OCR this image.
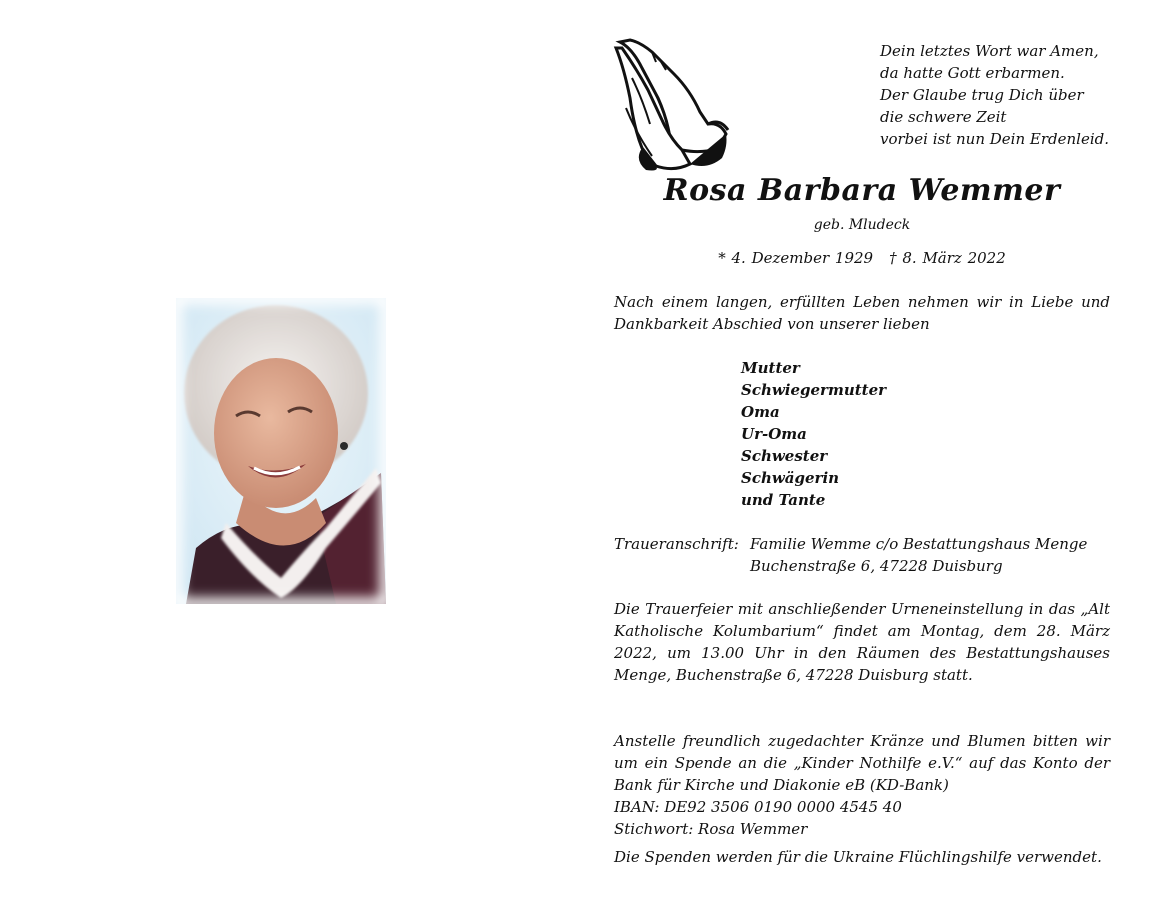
Dein letztes Wort war Amen,
da hatte Gott erbarmen.
Der Glaube trug Dich über
die schwere Zeit
vorbei ist nun Dein Erdenleid.
Rosa Barbara Wemmer
geb. Mludeck
* 4. Dezember 1929 † 8. März 2022
Nach einem langen, erfüllten Leben nehmen wir in Liebe und Dankbarkeit Abschied von unserer lieben
Mutter
Schwiegermutter
Oma
Ur-Oma
Schwester
Schwägerin
und Tante
Traueranschrift: Familie Wemme c/o Bestattungshaus Menge
Buchenstraße 6, 47228 Duisburg
Die Trauerfeier mit anschließender Urneneinstellung in das „Alt Katholische Kolumbarium“ findet am Montag, dem 28. März 2022, um 13.00 Uhr in den Räumen des Bestattungshauses Menge, Buchenstraße 6, 47228 Duisburg statt.
Anstelle freundlich zugedachter Kränze und Blumen bitten wir um ein Spende an die „Kinder Nothilfe e.V.“ auf das Konto der Bank für Kirche und Diakonie eB (KD-Bank)
IBAN: DE92 3506 0190 0000 4545 40
Stichwort: Rosa Wemmer
Die Spenden werden für die Ukraine Flüchlingshilfe verwendet.
